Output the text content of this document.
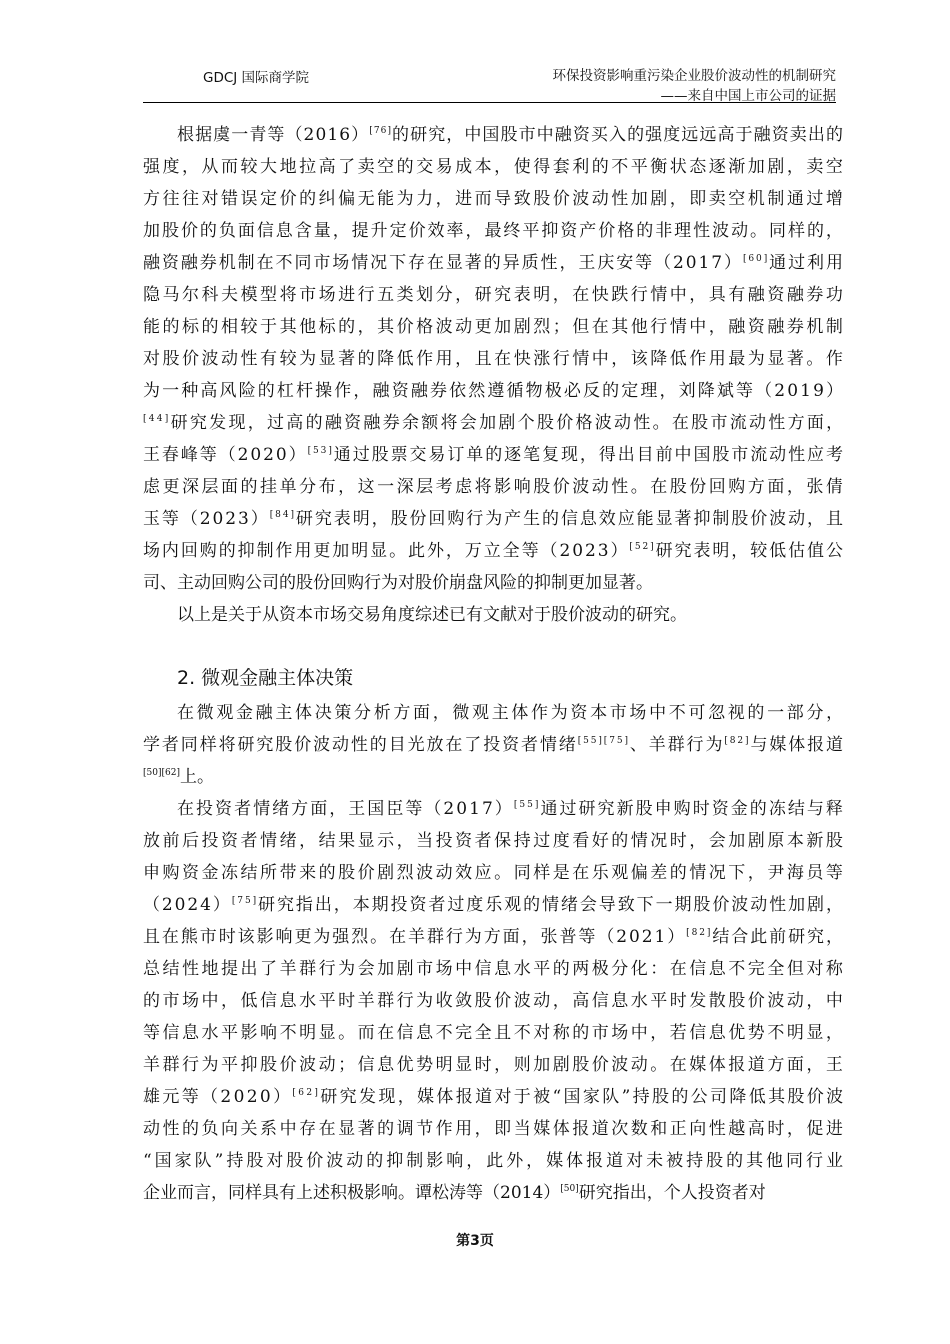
GDCJ 国际商学院	环保投资影响重污染企业股价波动性的机制研究
——来自中国上市公司的证据
根据虞一青等（2016）[76]的研究，中国股市中融资买入的强度远远高于融资卖出的
强度，从而较大地拉高了卖空的交易成本，使得套利的不平衡状态逐渐加剧，卖空
方往往对错误定价的纠偏无能为力，进而导致股价波动性加剧，即卖空机制通过增
加股价的负面信息含量，提升定价效率，最终平抑资产价格的非理性波动。同样的，
融资融券机制在不同市场情况下存在显著的异质性，王庆安等（2017）[60]通过利用
隐马尔科夫模型将市场进行五类划分，研究表明，在快跌行情中，具有融资融券功
能的标的相较于其他标的，其价格波动更加剧烈；但在其他行情中，融资融券机制
对股价波动性有较为显著的降低作用，且在快涨行情中，该降低作用最为显著。作
为一种高风险的杠杆操作，融资融券依然遵循物极必反的定理，刘降斌等（2019）
[44]研究发现，过高的融资融券余额将会加剧个股价格波动性。在股市流动性方面，
王春峰等（2020）[53]通过股票交易订单的逐笔复现，得出目前中国股市流动性应考
虑更深层面的挂单分布，这一深层考虑将影响股价波动性。在股份回购方面，张倩
玉等（2023）[84]研究表明，股份回购行为产生的信息效应能显著抑制股价波动，且
场内回购的抑制作用更加明显。此外，万立全等（2023）[52]研究表明，较低估值公
司、主动回购公司的股份回购行为对股价崩盘风险的抑制更加显著。
以上是关于从资本市场交易角度综述已有文献对于股价波动的研究。
2. 微观金融主体决策
在微观金融主体决策分析方面，微观主体作为资本市场中不可忽视的一部分，
学者同样将研究股价波动性的目光放在了投资者情绪[55][75]、羊群行为[82]与媒体报道
[50][62]上。
在投资者情绪方面，王国臣等（2017）[55]通过研究新股申购时资金的冻结与释
放前后投资者情绪，结果显示，当投资者保持过度看好的情况时，会加剧原本新股
申购资金冻结所带来的股价剧烈波动效应。同样是在乐观偏差的情况下，尹海员等
（2024）[75]研究指出，本期投资者过度乐观的情绪会导致下一期股价波动性加剧，
且在熊市时该影响更为强烈。在羊群行为方面，张普等（2021）[82]结合此前研究，
总结性地提出了羊群行为会加剧市场中信息水平的两极分化：在信息不完全但对称
的市场中，低信息水平时羊群行为收敛股价波动，高信息水平时发散股价波动，中
等信息水平影响不明显。而在信息不完全且不对称的市场中，若信息优势不明显，
羊群行为平抑股价波动；信息优势明显时，则加剧股价波动。在媒体报道方面，王
雄元等（2020）[62]研究发现，媒体报道对于被“国家队”持股的公司降低其股价波
动性的负向关系中存在显著的调节作用，即当媒体报道次数和正向性越高时，促进
“国家队”持股对股价波动的抑制影响，此外，媒体报道对未被持股的其他同行业
企业而言，同样具有上述积极影响。谭松涛等（2014）[50]研究指出，个人投资者对
第3页
